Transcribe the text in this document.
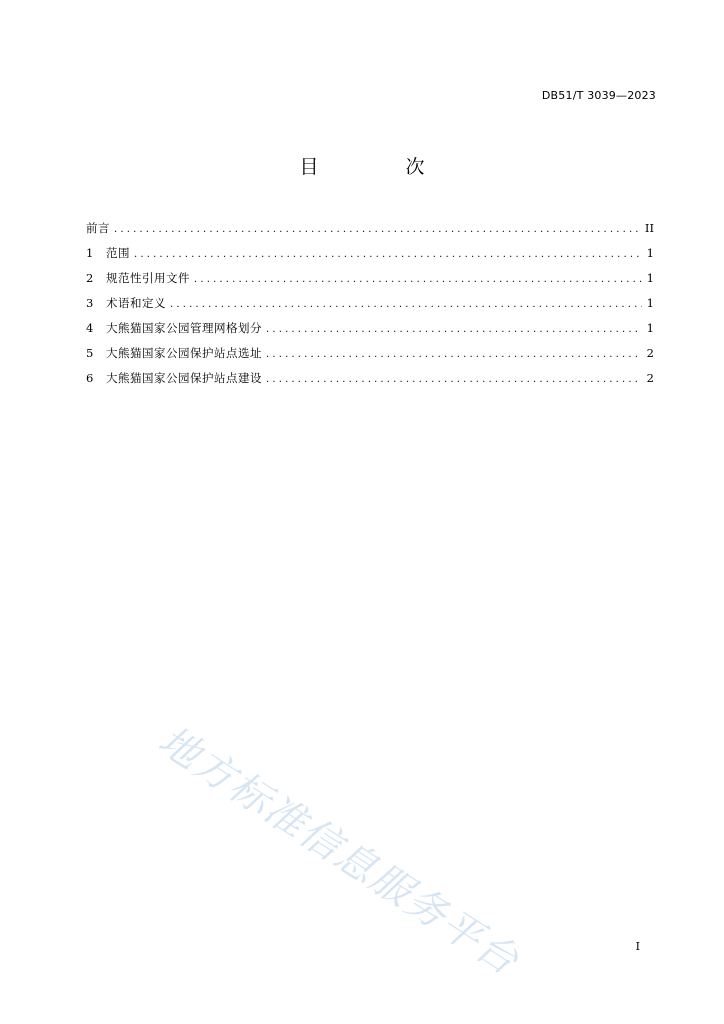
DB51/T 3039—2023
目　次
前言 . . .	II
1	范围 . . .	1
2	规范性引用文件 . . .	1
3	术语和定义 . . .	1
4	大熊猫国家公园管理网格划分 . . .	1
5	大熊猫国家公园保护站点选址 . . .	2
6	大熊猫国家公园保护站点建设 . . .	2
地方标准信息服务平台	I
